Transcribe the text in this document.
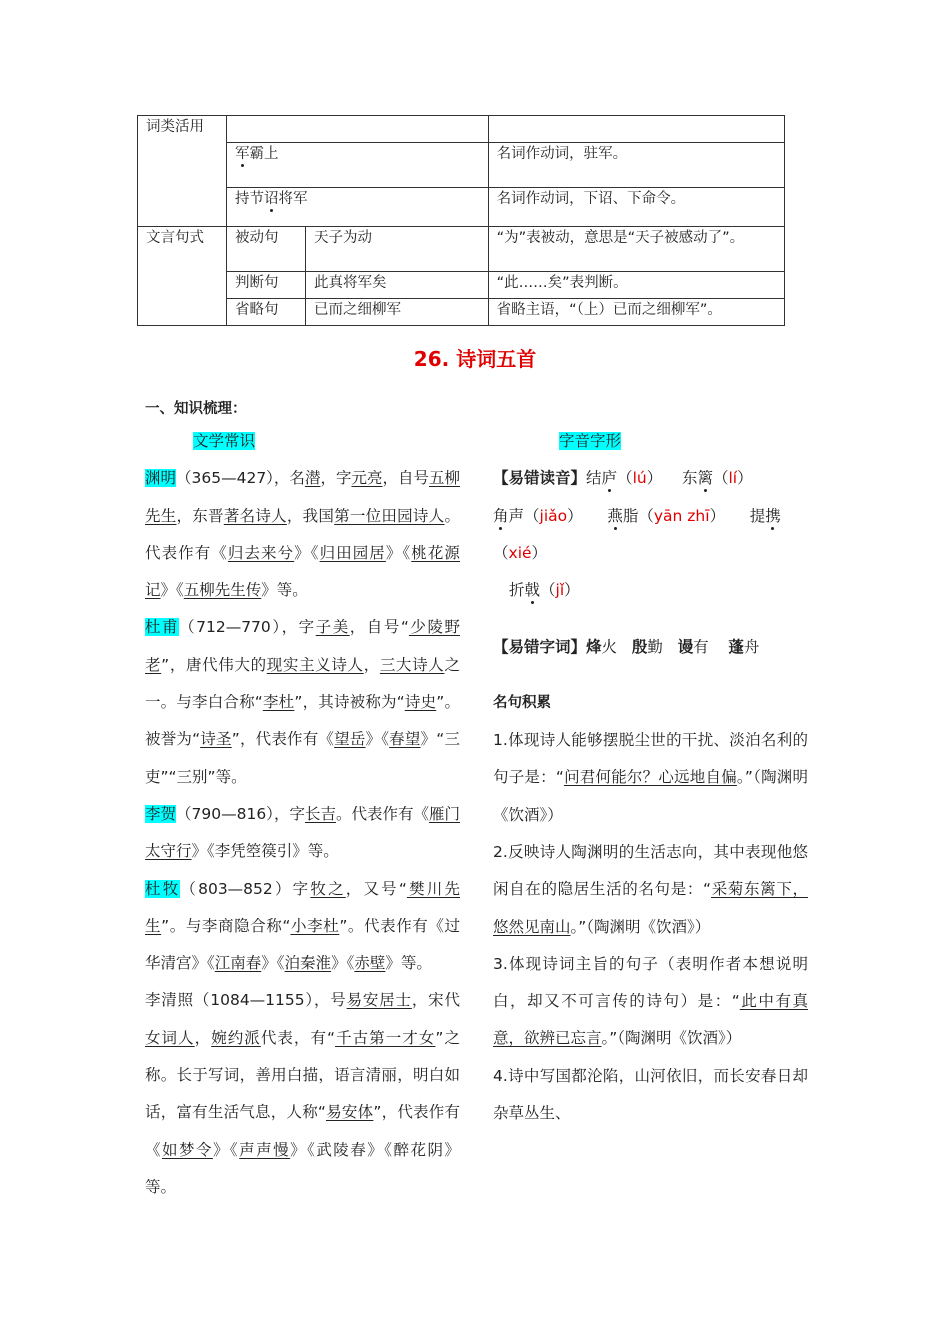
词类活用			
	军霸上		名词作动词，驻军。
	持节诏将军		名词作动词，下诏、下命令。
文言句式	被动句	天子为动	“为”表被动，意思是“天子被感动了”。
	判断句	此真将军矣	“此……矣”表判断。
	省略句	已而之细柳军	省略主语，“（上）已而之细柳军”。
26. 诗词五首
一、知识梳理：
文学常识

渊明（365—427），名潜，字元亮，自号五柳先生，东晋著名诗人，我国第一位田园诗人。代表作有《归去来兮》《归田园居》《桃花源记》《五柳先生传》等。

杜甫（712—770），字子美，自号“少陵野老”，唐代伟大的现实主义诗人，三大诗人之一。与李白合称“李杜”，其诗被称为“诗史”。被誉为“诗圣”，代表作有《望岳》《春望》“三吏”“三别”等。

李贺（790—816），字长吉。代表作有《雁门太守行》《李凭箜篌引》等。

杜牧（803—852）字牧之，又号“樊川先生”。与李商隐合称“小李杜”。代表作有《过华清宫》《江南春》《泊秦淮》《赤壁》等。

李清照（1084—1155），号易安居士，宋代女词人，婉约派代表，有“千古第一才女”之称。长于写词，善用白描，语言清丽，明白如话，富有生活气息，人称“易安体”，代表作有《如梦令》《声声慢》《武陵春》《醉花阴》等。

字音字形
【易错读音】结庐（lú） 东篱（lí）
角声（jiǎo） 燕脂（yān zhī） 提携（xié）
折戟（jǐ）
【易错字词】烽火 殷勤 谩有 蓬舟
名句积累

1.体现诗人能够摆脱尘世的干扰、淡泊名利的句子是：“问君何能尔？心远地自偏。”（陶渊明《饮酒》）

2.反映诗人陶渊明的生活志向，其中表现他悠闲自在的隐居生活的名句是：“采菊东篱下，悠然见南山。”（陶渊明《饮酒》）

3.体现诗词主旨的句子（表明作者本想说明白，却又不可言传的诗句）是：“此中有真意，欲辨已忘言。”（陶渊明《饮酒》）

4.诗中写国都沦陷，山河依旧，而长安春日却杂草丛生、
